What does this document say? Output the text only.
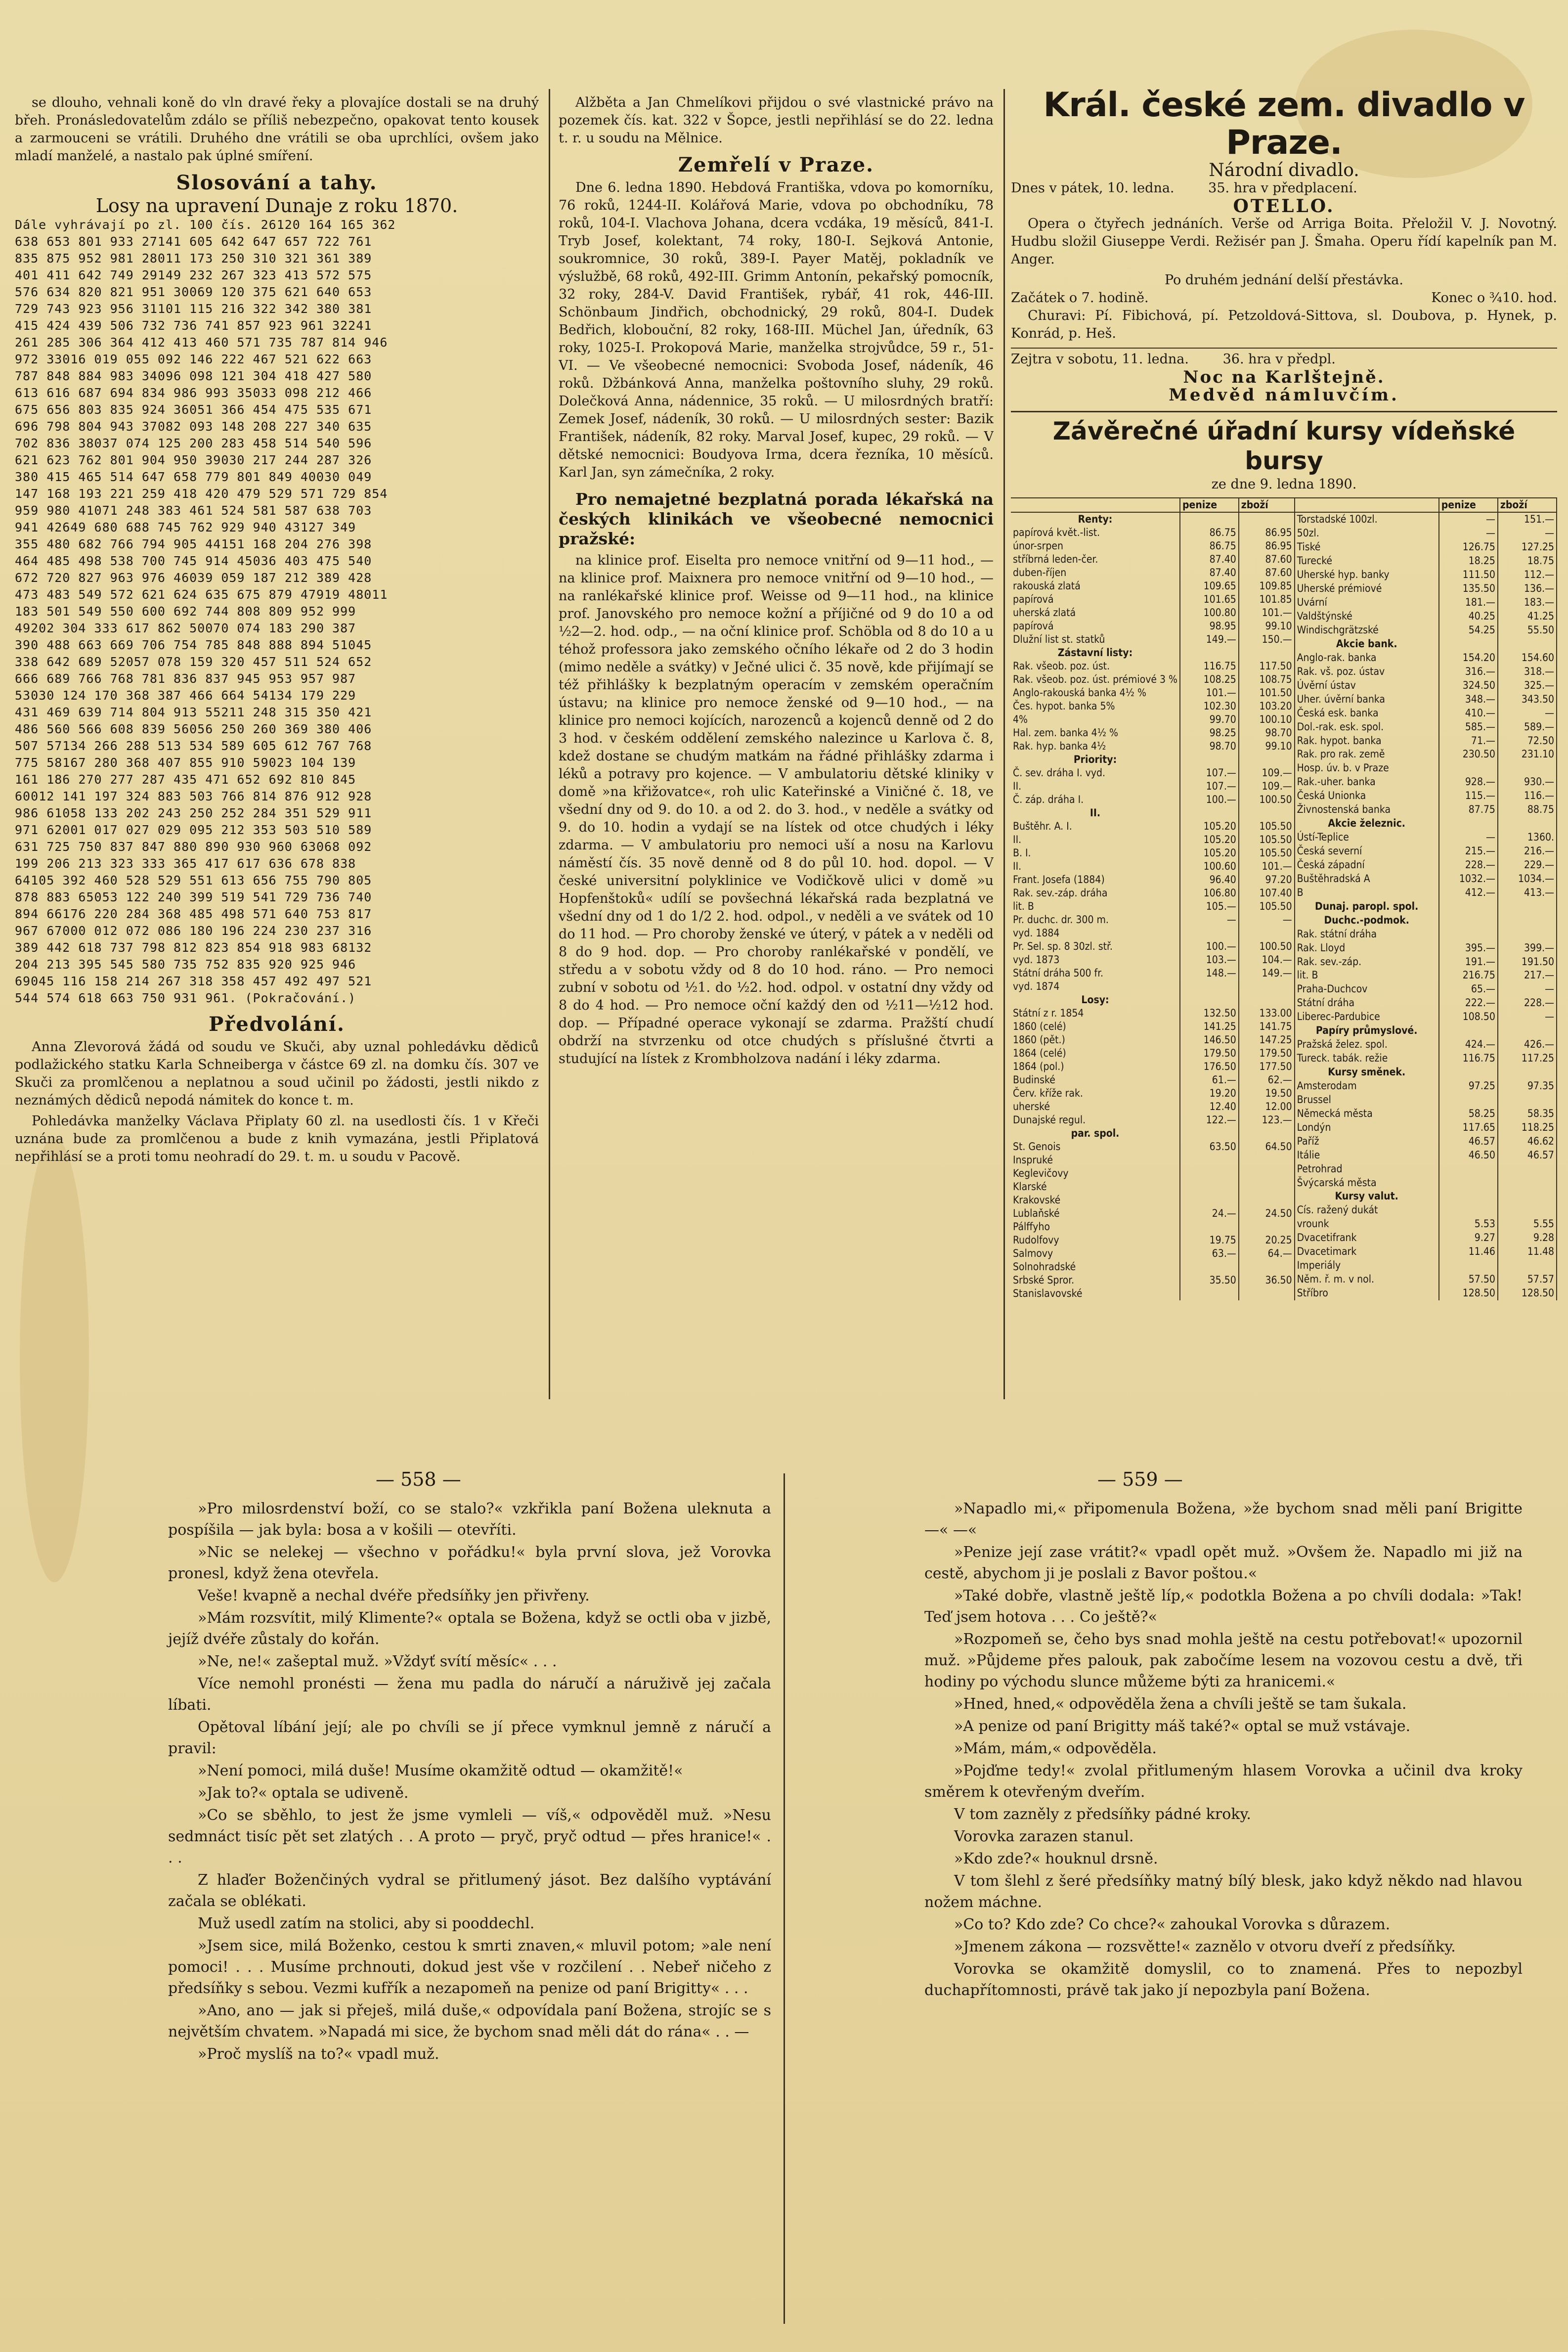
se dlouho, vehnali koně do vln dravé řeky a plovajíce dostali se na druhý břeh. Pronásledovatelům zdálo se příliš nebezpečno, opakovat tento kousek a zarmouceni se vrátili. Druhého dne vrátili se oba uprchlíci, ovšem jako mladí manželé, a nastalo pak úplné smíření.

Slosování a tahy.
Losy na upravení Dunaje z roku 1870.
Dále vyhrávají po zl. 100 čís. 26120 164 165 362
638 653 801 933 27141 605 642 647 657 722 761
835 875 952 981 28011 173 250 310 321 361 389
401 411 642 749 29149 232 267 323 413 572 575
576 634 820 821 951 30069 120 375 621 640 653
729 743 923 956 31101 115 216 322 342 380 381
415 424 439 506 732 736 741 857 923 961 32241
261 285 306 364 412 413 460 571 735 787 814 946
972 33016 019 055 092 146 222 467 521 622 663
787 848 884 983 34096 098 121 304 418 427 580
613 616 687 694 834 986 993 35033 098 212 466
675 656 803 835 924 36051 366 454 475 535 671
696 798 804 943 37082 093 148 208 227 340 635
702 836 38037 074 125 200 283 458 514 540 596
621 623 762 801 904 950 39030 217 244 287 326
380 415 465 514 647 658 779 801 849 40030 049
147 168 193 221 259 418 420 479 529 571 729 854
959 980 41071 248 383 461 524 581 587 638 703
941 42649 680 688 745 762 929 940 43127 349
355 480 682 766 794 905 44151 168 204 276 398
464 485 498 538 700 745 914 45036 403 475 540
672 720 827 963 976 46039 059 187 212 389 428
473 483 549 572 621 624 635 675 879 47919 48011
183 501 549 550 600 692 744 808 809 952 999
49202 304 333 617 862 50070 074 183 290 387
390 488 663 669 706 754 785 848 888 894 51045
338 642 689 52057 078 159 320 457 511 524 652
666 689 766 768 781 836 837 945 953 957 987
53030 124 170 368 387 466 664 54134 179 229
431 469 639 714 804 913 55211 248 315 350 421
486 560 566 608 839 56056 250 260 369 380 406
507 57134 266 288 513 534 589 605 612 767 768
775 58167 280 368 407 855 910 59023 104 139
161 186 270 277 287 435 471 652 692 810 845
60012 141 197 324 883 503 766 814 876 912 928
986 61058 133 202 243 250 252 284 351 529 911
971 62001 017 027 029 095 212 353 503 510 589
631 725 750 837 847 880 890 930 960 63068 092
199 206 213 323 333 365 417 617 636 678 838
64105 392 460 528 529 551 613 656 755 790 805
878 883 65053 122 240 399 519 541 729 736 740
894 66176 220 284 368 485 498 571 640 753 817
967 67000 012 072 086 180 196 224 230 237 316
389 442 618 737 798 812 823 854 918 983 68132
204 213 395 545 580 735 752 835 920 925 946
69045 116 158 214 267 318 358 457 492 497 521
544 574 618 663 750 931 961. (Pokračování.)
Předvolání.

Anna Zlevorová žádá od soudu ve Skuči, aby uznal pohledávku dědiců podlažického statku Karla Schneiberga v částce 69 zl. na domku čís. 307 ve Skuči za promlčenou a neplatnou a soud učinil po žádosti, jestli nikdo z neznámých dědiců nepodá námitek do konce t. m.

Pohledávka manželky Václava Připlaty 60 zl. na usedlosti čís. 1 v Křeči uznána bude za promlčenou a bude z knih vymazána, jestli Připlatová nepřihlásí se a proti tomu neohradí do 29. t. m. u soudu v Pacově.

Alžběta a Jan Chmelíkovi přijdou o své vlastnické právo na pozemek čís. kat. 322 v Šopce, jestli nepřihlásí se do 22. ledna t. r. u soudu na Mělnice.

Zemřelí v Praze.

Dne 6. ledna 1890. Hebdová Františka, vdova po komorníku, 76 roků, 1244-II. Kolářová Marie, vdova po obchodníku, 78 roků, 104-I. Vlachova Johana, dcera vcdáka, 19 měsíců, 841-I. Tryb Josef, kolektant, 74 roky, 180-I. Sejková Antonie, soukromnice, 30 roků, 389-I. Payer Matěj, pokladník ve výslužbě, 68 roků, 492-III. Grimm Antonín, pekařský pomocník, 32 roky, 284-V. David František, rybář, 41 rok, 446-III. Schönbaum Jindřich, obchodnický, 29 roků, 804-I. Dudek Bedřich, klobouční, 82 roky, 168-III. Müchel Jan, úředník, 63 roky, 1025-I. Prokopová Marie, manželka strojvůdce, 59 r., 51-VI. — Ve všeobecné nemocnici: Svoboda Josef, nádeník, 46 roků. Džbánková Anna, manželka poštovního sluhy, 29 roků. Dolečková Anna, nádennice, 35 roků. — U milosrdných bratří: Zemek Josef, nádeník, 30 roků. — U milosrdných sester: Bazik František, nádeník, 82 roky. Marval Josef, kupec, 29 roků. — V dětské nemocnici: Boudyova Irma, dcera řezníka, 10 měsíců. Karl Jan, syn zámečníka, 2 roky.

Pro nemajetné bezplatná porada lékařská na českých klinikách ve všeobecné nemocnici pražské:

na klinice prof. Eiselta pro nemoce vnitřní od 9—11 hod., — na klinice prof. Maixnera pro nemoce vnitřní od 9—10 hod., — na ranlékařské klinice prof. Weisse od 9—11 hod., na klinice prof. Janovského pro nemoce kožní a příjičné od 9 do 10 a od ½2—2. hod. odp., — na oční klinice prof. Schöbla od 8 do 10 a u téhož professora jako zemského očního lékaře od 2 do 3 hodin (mimo neděle a svátky) v Ječné ulici č. 35 nově, kde přijímají se též přihlášky k bezplatným operacím v zemském operačním ústavu; na klinice pro nemoce ženské od 9—10 hod., — na klinice pro nemoci kojících, narozenců a kojenců denně od 2 do 3 hod. v českém oddělení zemského nalezince u Karlova č. 8, kdež dostane se chudým matkám na řádné přihlášky zdarma i léků a potravy pro kojence. — V ambulatoriu dětské kliniky v domě »na křižovatce«, roh ulic Kateřinské a Viničné č. 18, ve všední dny od 9. do 10. a od 2. do 3. hod., v neděle a svátky od 9. do 10. hodin a vydají se na lístek od otce chudých i léky zdarma. — V ambulatoriu pro nemoci uší a nosu na Karlovu náměstí čís. 35 nově denně od 8 do půl 10. hod. dopol. — V české universitní polyklinice ve Vodičkově ulici v domě »u Hopfenštoků« udílí se povšechná lékařská rada bezplatná ve všední dny od 1 do 1/2 2. hod. odpol., v neděli a ve svátek od 10 do 11 hod. — Pro choroby ženské ve úterý, v pátek a v neděli od 8 do 9 hod. dop. — Pro choroby ranlékařské v pondělí, ve středu a v sobotu vždy od 8 do 10 hod. ráno. — Pro nemoci zubní v sobotu od ½1. do ½2. hod. odpol. v ostatní dny vždy od 8 do 4 hod. — Pro nemoce oční každý den od ½11—½12 hod. dop. — Případné operace vykonají se zdarma. Pražští chudí obdrží na stvrzenku od otce chudých s příslušné čtvrti a studující na lístek z Krombholzova nadání i léky zdarma.

Král. české zem. divadlo v Praze.
Národní divadlo.
Dnes v pátek, 10. ledna.        35. hra v předplacení.
OTELLO.

Opera o čtyřech jednáních. Verše od Arriga Boita. Přeložil V. J. Novotný. Hudbu složil Giuseppe Verdi. Režisér pan J. Šmaha. Operu řídí kapelník pan M. Anger.

Po druhém jednání delší přestávka.
Začátek o 7. hodině.	Konec o ¾10. hod.

Churavi: Pí. Fibichová, pí. Petzoldová-Sittova, sl. Doubova, p. Hynek, p. Konrád, p. Heš.

Zejtra v sobotu, 11. ledna.        36. hra v předpl.
Noc na Karlštejně.
Medvěd námluvčím.
Závěrečné úřadní kursy vídeňské bursy
ze dne 9. ledna 1890.
	penize	zboží
Renty:		
papírová květ.-list.	86.75	86.95
únor-srpen	86.75	86.95
stříbrná leden-čer.	87.40	87.60
duben-říjen	87.40	87.60
rakouská zlatá	109.65	109.85
papírová	101.65	101.85
uherská zlatá	100.80	101.—
papírová	98.95	99.10
Dlužní list st. statků	149.—	150.—
Zástavní listy:		
Rak. všeob. poz. úst.	116.75	117.50
Rak. všeob. poz. úst. prémiové 3 %	108.25	108.75
Anglo-rakouská banka 4½ %	101.—	101.50
Čes. hypot. banka 5%	102.30	103.20
4%	99.70	100.10
Hal. zem. banka 4½ %	98.25	98.70
Rak. hyp. banka 4½	98.70	99.10
Priority:		
Č. sev. dráha I. vyd.	107.—	109.—
II.	107.—	109.—
Č. záp. dráha I.	100.—	100.50
II.		
Buštěhr. A. I.	105.20	105.50
II.	105.20	105.50
B. I.	105.20	105.50
II.	100.60	101.—
Frant. Josefa (1884)	96.40	97.20
Rak. sev.-záp. dráha	106.80	107.40
lit. B	105.—	105.50
Pr. duchc. dr. 300 m.	—	—
vyd. 1884		
Pr. Sel. sp. 8 30zl. stř.	100.—	100.50
vyd. 1873	103.—	104.—
Státní dráha 500 fr.	148.—	149.—
vyd. 1874		
Losy:		
Státní z r. 1854	132.50	133.00
1860 (celé)	141.25	141.75
1860 (pět.)	146.50	147.25
1864 (celé)	179.50	179.50
1864 (pol.)	176.50	177.50
Budinské	61.—	62.—
Červ. kříže rak.	19.20	19.50
uherské	12.40	12.00
Dunajské regul.	122.—	123.—
par. spol.		
St. Genois	63.50	64.50
Inspruké		
Keglevičovy		
Klarské		
Krakovské		
Lublaňské	24.—	24.50
Pálffyho		
Rudolfovy	19.75	20.25
Salmovy	63.—	64.—
Solnohradské		
Srbské Spror.	35.50	36.50
Stanislavovské		
	penize	zboží
Torstadské 100zl.	—	151.—
50zl.	—	—
Tiské	126.75	127.25
Turecké	18.25	18.75
Uherské hyp. banky	111.50	112.—
Uherské prémiové	135.50	136.—
Uvární	181.—	183.—
Valdštýnské	40.25	41.25
Windischgrätzské	54.25	55.50
Akcie bank.		
Anglo-rak. banka	154.20	154.60
Rak. vš. poz. ústav	316.—	318.—
Úvěrní ústav	324.50	325.—
Uher. úvěrní banka	348.—	343.50
Česká esk. banka	410.—	—
Dol.-rak. esk. spol.	585.—	589.—
Rak. hypot. banka	71.—	72.50
Rak. pro rak. země	230.50	231.10
Hosp. úv. b. v Praze		
Rak.-uher. banka	928.—	930.—
Česká Unionka	115.—	116.—
Živnostenská banka	87.75	88.75
Akcie železnic.		
Ústí-Teplice	—	1360.
Česká severní	215.—	216.—
Česká západní	228.—	229.—
Buštěhradská A	1032.—	1034.—
B	412.—	413.—
Dunaj. paropl. spol.		
Duchc.-podmok.		
Rak. státní dráha		
Rak. Lloyd	395.—	399.—
Rak. sev.-záp.	191.—	191.50
lit. B	216.75	217.—
Praha-Duchcov	65.—	—
Státní dráha	222.—	228.—
Liberec-Pardubice	108.50	—
Papíry průmyslové.		
Pražská želez. spol.	424.—	426.—
Tureck. tabák. režie	116.75	117.25
Kursy směnek.		
Amsterodam	97.25	97.35
Brussel		
Německá města	58.25	58.35
Londýn	117.65	118.25
Paříž	46.57	46.62
Itálie	46.50	46.57
Petrohrad		
Švýcarská města		
Kursy valut.		
Cís. ražený dukát		
vrounk	5.53	5.55
Dvacetifrank	9.27	9.28
Dvacetimark	11.46	11.48
Imperiály		
Něm. ř. m. v nol.	57.50	57.57
Stříbro	128.50	128.50
— 558 —	— 559 —

»Pro milosrdenství boží, co se stalo?« vzkřikla paní Božena uleknuta a pospíšila — jak byla: bosa a v košili — otevříti.

»Nic se nelekej — všechno v pořádku!« byla první slova, jež Vorovka pronesl, když žena otevřela.

Veše! kvapně a nechal dvéře předsíňky jen přivřeny.

»Mám rozsvítit, milý Klimente?« optala se Božena, když se octli oba v jizbě, jejíž dvéře zůstaly do kořán.

»Ne, ne!« zašeptal muž. »Vždyť svítí měsíc« . . .

Více nemohl pronésti — žena mu padla do náručí a náruživě jej začala líbati.

Opětoval líbání její; ale po chvíli se jí přece vymknul jemně z náručí a pravil:

»Není pomoci, milá duše! Musíme okamžitě odtud — okamžitě!«

»Jak to?« optala se udiveně.

»Co se sběhlo, to jest že jsme vymleli — víš,« odpověděl muž. »Nesu sedmnáct tisíc pět set zlatých . . A proto — pryč, pryč odtud — přes hranice!« . . .

Z hlaďer Boženčiných vydral se přitlumený jásot. Bez dalšího vyptávání začala se oblékati.

Muž usedl zatím na stolici, aby si pooddechl.

»Jsem sice, milá Boženko, cestou k smrti znaven,« mluvil potom; »ale není pomoci! . . . Musíme prchnouti, dokud jest vše v rozčilení . . Nebeř ničeho z předsíňky s sebou. Vezmi kufřík a nezapomeň na penize od paní Brigitty« . . .

»Ano, ano — jak si přeješ, milá duše,« odpovídala paní Božena, strojíc se s největším chvatem. »Napadá mi sice, že bychom snad měli dát do rána« . . —

»Proč myslíš na to?« vpadl muž.

»Napadlo mi,« připomenula Božena, »že bychom snad měli paní Brigitte —« —«

»Penize její zase vrátit?« vpadl opět muž. »Ovšem že. Napadlo mi již na cestě, abychom ji je poslali z Bavor poštou.«

»Také dobře, vlastně ještě líp,« podotkla Božena a po chvíli dodala: »Tak! Teď jsem hotova . . . Co ještě?«

»Rozpomeň se, čeho bys snad mohla ještě na cestu potřebovat!« upozornil muž. »Půjdeme přes palouk, pak zabočíme lesem na vozovou cestu a dvě, tři hodiny po východu slunce můžeme býti za hranicemi.«

»Hned, hned,« odpověděla žena a chvíli ještě se tam šukala.

»A penize od paní Brigitty máš také?« optal se muž vstávaje.

»Mám, mám,« odpověděla.

»Pojďme tedy!« zvolal přitlumeným hlasem Vorovka a učinil dva kroky směrem k otevřeným dveřím.

V tom zazněly z předsíňky pádné kroky.

Vorovka zarazen stanul.

»Kdo zde?« houknul drsně.

V tom šlehl z šeré předsíňky matný bílý blesk, jako když někdo nad hlavou nožem máchne.

»Co to? Kdo zde? Co chce?« zahoukal Vorovka s důrazem.

»Jmenem zákona — rozsvětte!« zaznělo v otvoru dveří z předsíňky.

Vorovka se okamžitě domyslil, co to znamená. Přes to nepozbyl duchapřítomnosti, právě tak jako jí nepozbyla paní Božena.
